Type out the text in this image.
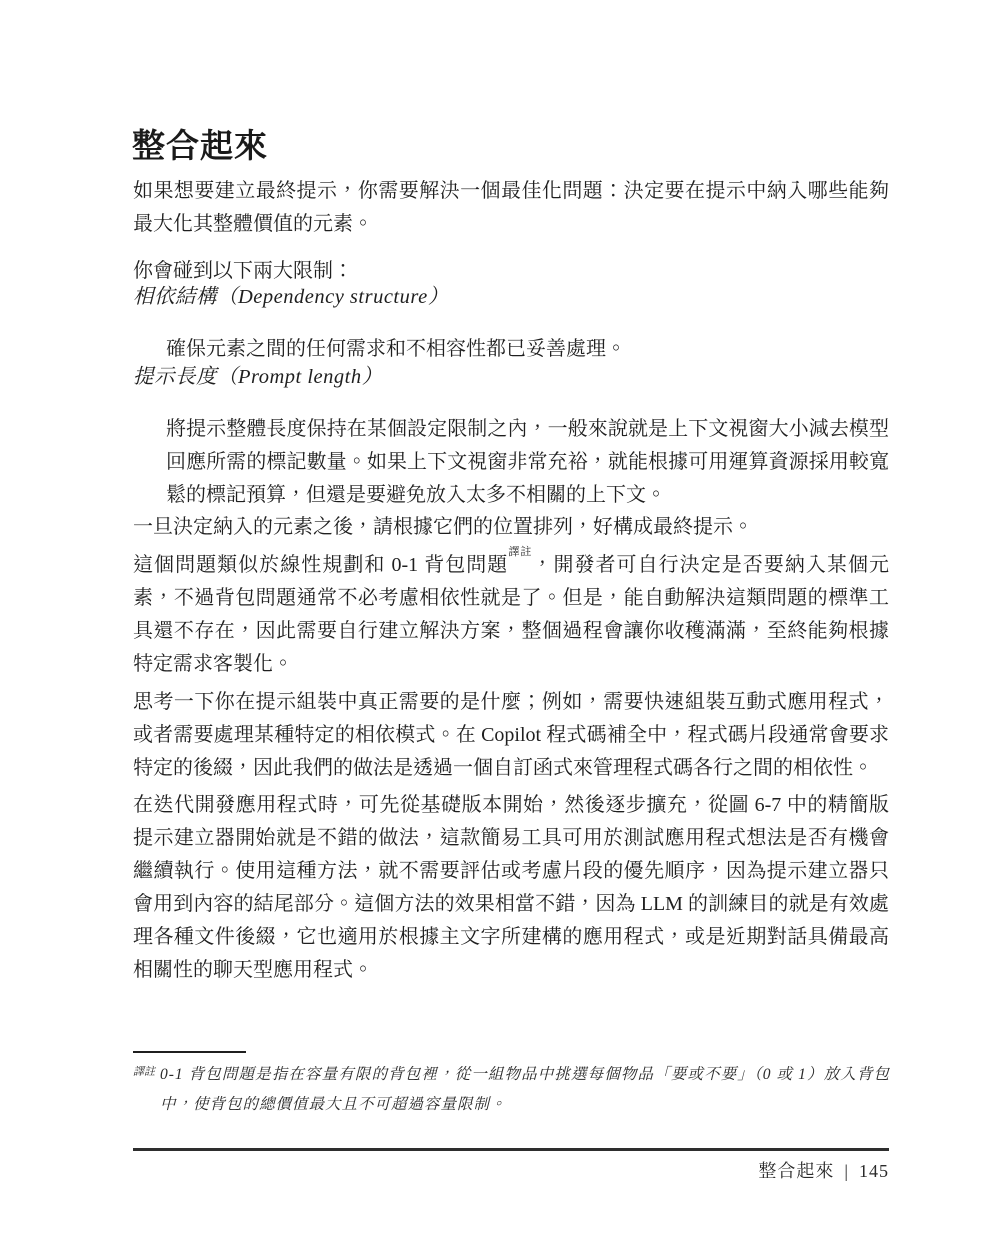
整合起來

如果想要建立最終提示，你需要解決一個最佳化問題：決定要在提示中納入哪些能夠最大化其整體價值的元素。

你會碰到以下兩大限制：

相依結構（Dependency structure）

確保元素之間的任何需求和不相容性都已妥善處理。

提示長度（Prompt length）

將提示整體長度保持在某個設定限制之內，一般來說就是上下文視窗大小減去模型回應所需的標記數量。如果上下文視窗非常充裕，就能根據可用運算資源採用較寬鬆的標記預算，但還是要避免放入太多不相關的上下文。

一旦決定納入的元素之後，請根據它們的位置排列，好構成最終提示。

這個問題類似於線性規劃和 0-1 背包問題$^{譯註}$，開發者可自行決定是否要納入某個元素，不過背包問題通常不必考慮相依性就是了。但是，能自動解決這類問題的標準工具還不存在，因此需要自行建立解決方案，整個過程會讓你收穫滿滿，至終能夠根據特定需求客製化。

思考一下你在提示組裝中真正需要的是什麼；例如，需要快速組裝互動式應用程式，或者需要處理某種特定的相依模式。在 Copilot 程式碼補全中，程式碼片段通常會要求特定的後綴，因此我們的做法是透過一個自訂函式來管理程式碼各行之間的相依性。

在迭代開發應用程式時，可先從基礎版本開始，然後逐步擴充，從圖 6-7 中的精簡版提示建立器開始就是不錯的做法，這款簡易工具可用於測試應用程式想法是否有機會繼續執行。使用這種方法，就不需要評估或考慮片段的優先順序，因為提示建立器只會用到內容的結尾部分。這個方法的效果相當不錯，因為 LLM 的訓練目的就是有效處理各種文件後綴，它也適用於根據主文字所建構的應用程式，或是近期對話具備最高相關性的聊天型應用程式。

譯註 0-1 背包問題是指在容量有限的背包裡，從一組物品中挑選每個物品「要或不要」（0 或 1）放入背包中，使背包的總價值最大且不可超過容量限制。
整合起來 | 145
